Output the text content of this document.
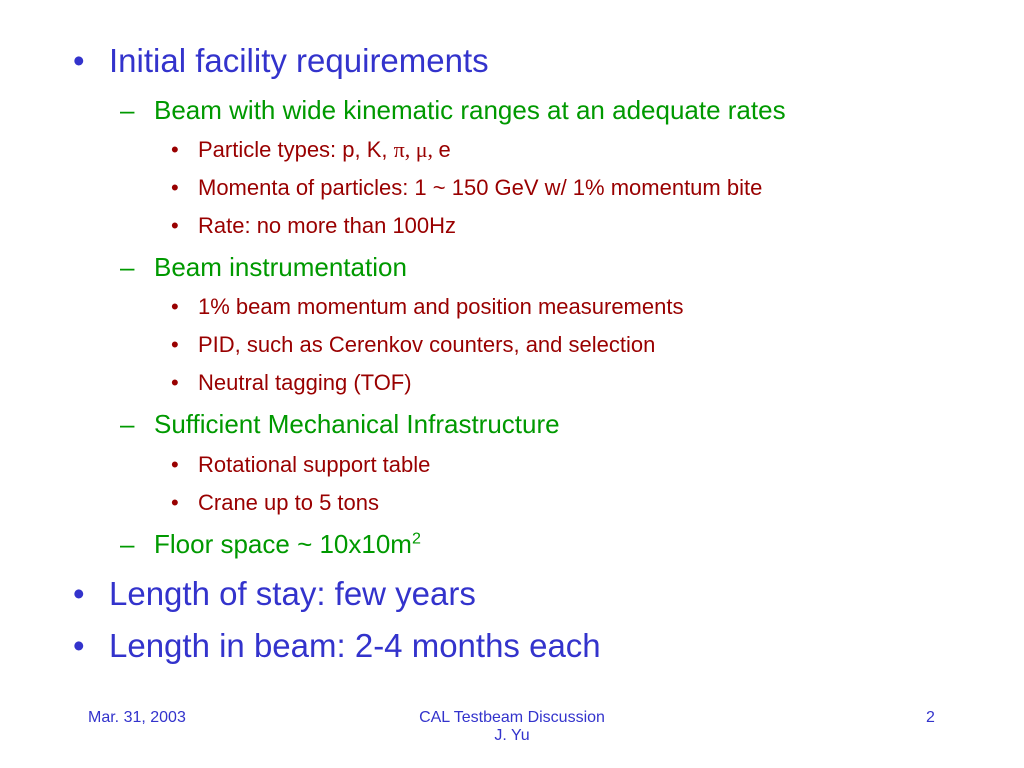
• Initial facility requirements
– Beam with wide kinematic ranges at an adequate rates
• Particle types: p, K, π, μ, e
• Momenta of particles: 1 ~ 150 GeV w/ 1% momentum bite
• Rate: no more than 100Hz
– Beam instrumentation
• 1% beam momentum and position measurements
• PID, such as Cerenkov counters, and selection
• Neutral tagging (TOF)
– Sufficient Mechanical Infrastructure
• Rotational support table
• Crane up to 5 tons
– Floor space ~ $10x10m^2$
• Length of stay: few years
• Length in beam: 2-4 months each
Mar. 31, 2003	CAL Testbeam Discussion
J. Yu
2
